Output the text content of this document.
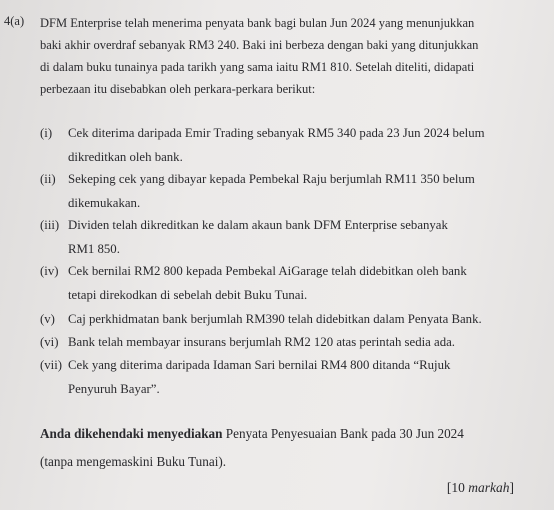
4(a) DFM Enterprise telah menerima penyata bank bagi bulan Jun 2024 yang menunjukkan

baki akhir overdraf sebanyak RM3 240. Baki ini berbeza dengan baki yang ditunjukkan

di dalam buku tunainya pada tarikh yang sama iaitu RM1 810. Setelah diteliti, didapati

perbezaan itu disebabkan oleh perkara-perkara berikut:

(i) Cek diterima daripada Emir Trading sebanyak RM5 340 pada 23 Jun 2024 belum
dikreditkan oleh bank.
(ii) Sekeping cek yang dibayar kepada Pembekal Raju berjumlah RM11 350 belum
dikemukakan.
(iii) Dividen telah dikreditkan ke dalam akaun bank DFM Enterprise sebanyak
RM1 850.
(iv) Cek bernilai RM2 800 kepada Pembekal AiGarage telah didebitkan oleh bank
tetapi direkodkan di sebelah debit Buku Tunai.
(v) Caj perkhidmatan bank berjumlah RM390 telah didebitkan dalam Penyata Bank.
(vi) Bank telah membayar insurans berjumlah RM2 120 atas perintah sedia ada.
(vii) Cek yang diterima daripada Idaman Sari bernilai RM4 800 ditanda “Rujuk
Penyuruh Bayar”.
Anda dikehendaki menyediakan Penyata Penyesuaian Bank pada 30 Jun 2024
(tanpa mengemaskini Buku Tunai).
[10 markah]
